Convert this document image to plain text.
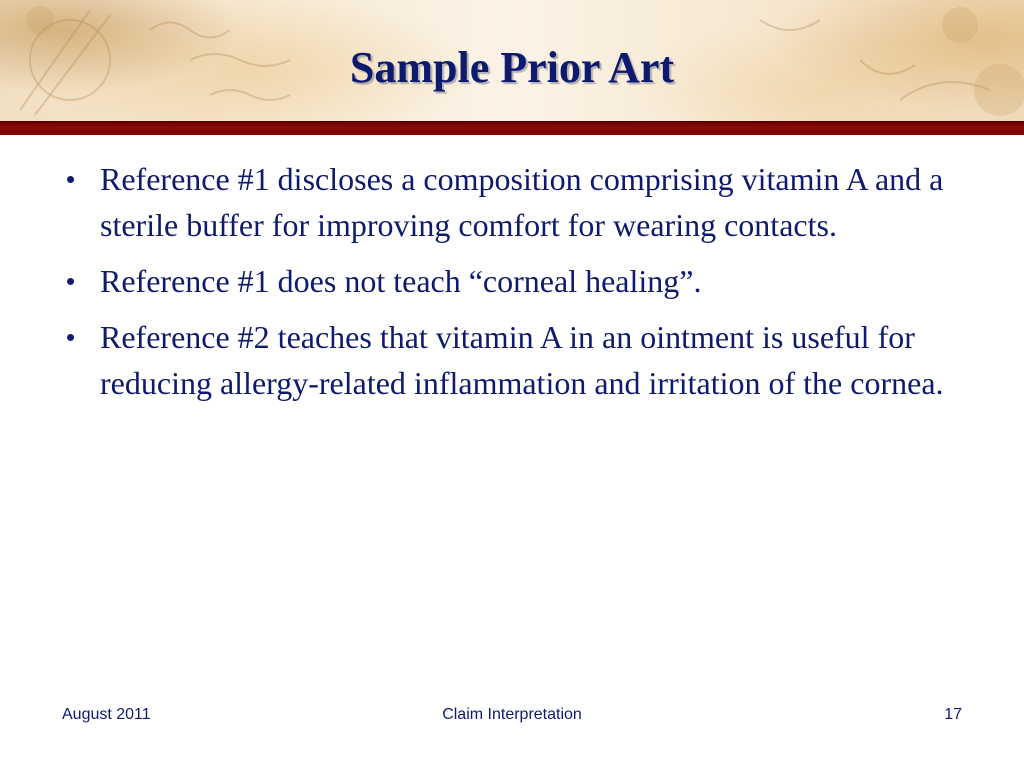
Sample Prior Art
• Reference #1 discloses a composition comprising vitamin A and a sterile buffer for improving comfort for wearing contacts.
• Reference #1 does not teach “corneal healing”.
• Reference #2 teaches that vitamin A in an ointment is useful for reducing allergy-related inflammation and irritation of the cornea.
August 2011	Claim Interpretation	17
